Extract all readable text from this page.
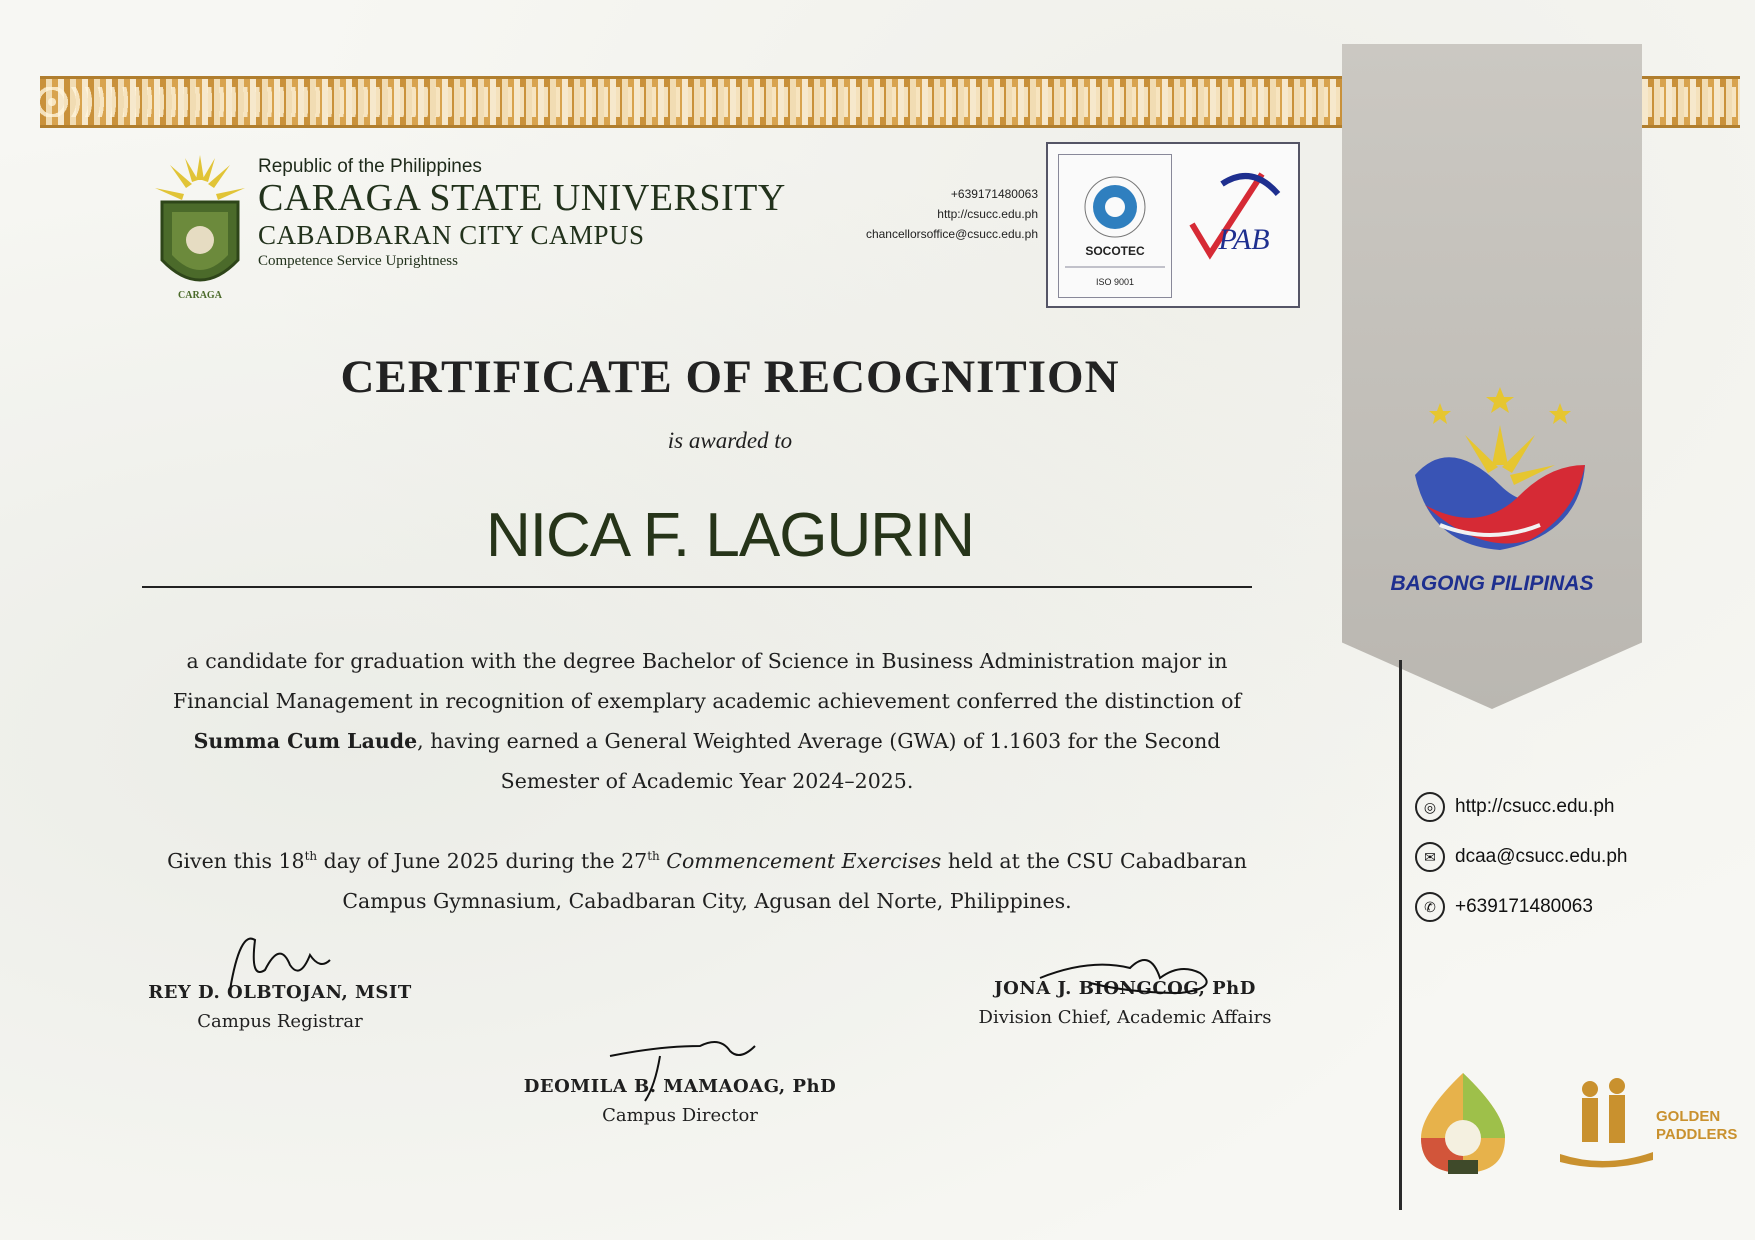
CARAGA
Republic of the Philippines
CARAGA STATE UNIVERSITY
CABADBARAN CITY CAMPUS
Competence Service Uprightness
+639171480063
http://csucc.edu.ph
chancellorsoffice@csucc.edu.ph
SOCOTEC
ISO 9001
PAB
CERTIFICATE OF RECOGNITION
is awarded to
NICA F. LAGURIN
a candidate for graduation with the degree Bachelor of Science in Business Administration major in Financial Management in recognition of exemplary academic achievement conferred the distinction of Summa Cum Laude, having earned a General Weighted Average (GWA) of 1.1603 for the Second Semester of Academic Year 2024–2025.
Given this 18th day of June 2025 during the 27th Commencement Exercises held at the CSU Cabadbaran Campus Gymnasium, Cabadbaran City, Agusan del Norte, Philippines.
REY D. OLBTOJAN, MSIT
Campus Registrar
JONA J. BIONGCOG, PhD
Division Chief, Academic Affairs
DEOMILA B. MAMAOAG, PhD
Campus Director
BAGONG PILIPINAS
◎ http://csucc.edu.ph
✉	dcaa@csucc.edu.ph
✆	+639171480063
GOLDEN PADDLERS
